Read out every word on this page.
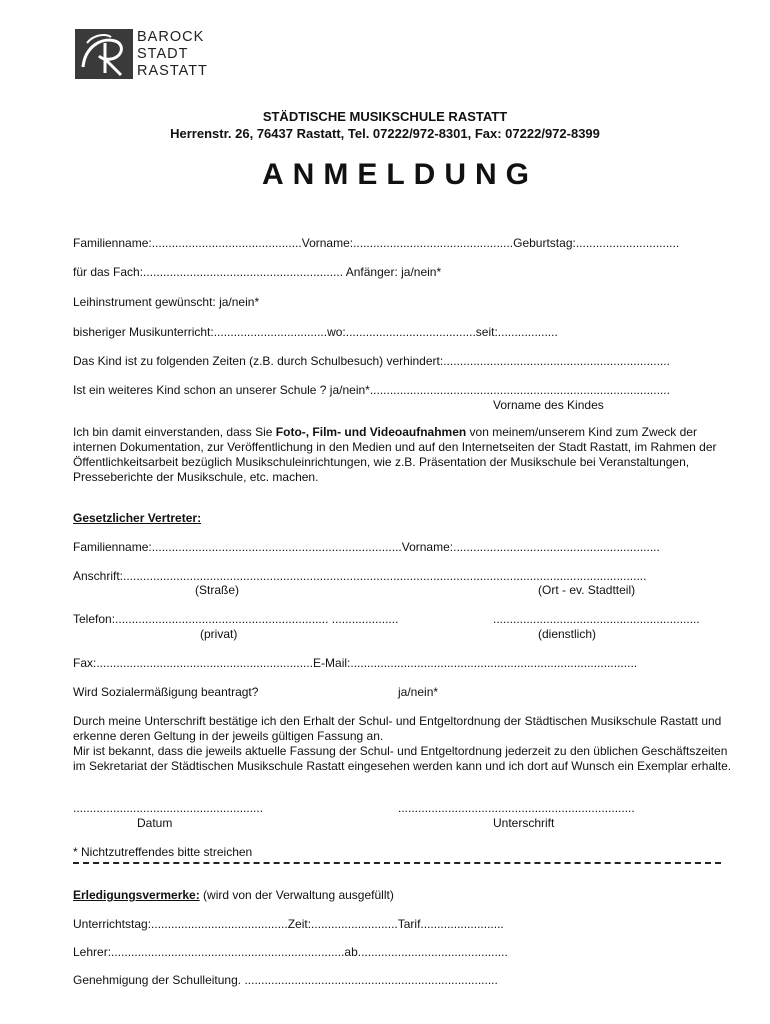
BAROCK
STADT
RASTATT
STÄDTISCHE MUSIKSCHULE RASTATT
Herrenstr. 26, 76437 Rastatt, Tel. 07222/972-8301, Fax: 07222/972-8399
ANMELDUNG
Familienname:.............................................Vorname:................................................Geburtstag:...............................
für das Fach:............................................................ Anfänger: ja/nein*
Leihinstrument gewünscht: ja/nein*
bisheriger Musikunterricht:..................................wo:.......................................seit:..................
Das Kind ist zu folgenden Zeiten (z.B. durch Schulbesuch) verhindert:....................................................................
Ist ein weiteres Kind schon an unserer Schule ? ja/nein*..........................................................................................
Vorname des Kindes
Ich bin damit einverstanden, dass Sie Foto-, Film- und Videoaufnahmen von meinem/unserem Kind zum Zweck der internen Dokumentation, zur Veröffentlichung in den Medien und auf den Internetseiten der Stadt Rastatt, im Rahmen der Öffentlichkeitsarbeit bezüglich Musikschuleinrichtungen, wie z.B. Präsentation der Musikschule bei Veranstaltungen, Presseberichte der Musikschule, etc. machen.
Gesetzlicher Vertreter:
Familienname:...........................................................................Vorname:..............................................................
Anschrift:.............................................................................................................................................................
(Straße)	(Ort - ev. Stadtteil)
Telefon:................................................................ ....................	..............................................................
(privat)	(dienstlich)
Fax:.................................................................E-Mail:......................................................................................
Wird Sozialermäßigung beantragt?	ja/nein*
Durch meine Unterschrift bestätige ich den Erhalt der Schul- und Entgeltordnung der Städtischen Musikschule Rastatt und erkenne deren Geltung in der jeweils gültigen Fassung an.
Mir ist bekannt, dass die jeweils aktuelle Fassung der Schul- und Entgeltordnung jederzeit zu den üblichen Geschäftszeiten im Sekretariat der Städtischen Musikschule Rastatt eingesehen werden kann und ich dort auf Wunsch ein Exemplar erhalte.
.........................................................	.......................................................................
Datum	Unterschrift
* Nichtzutreffendes bitte streichen
Erledigungsvermerke: (wird von der Verwaltung ausgefüllt)
Unterrichtstag:.........................................Zeit:..........................Tarif.........................
Lehrer:......................................................................ab.............................................
Genehmigung der Schulleitung. ............................................................................
